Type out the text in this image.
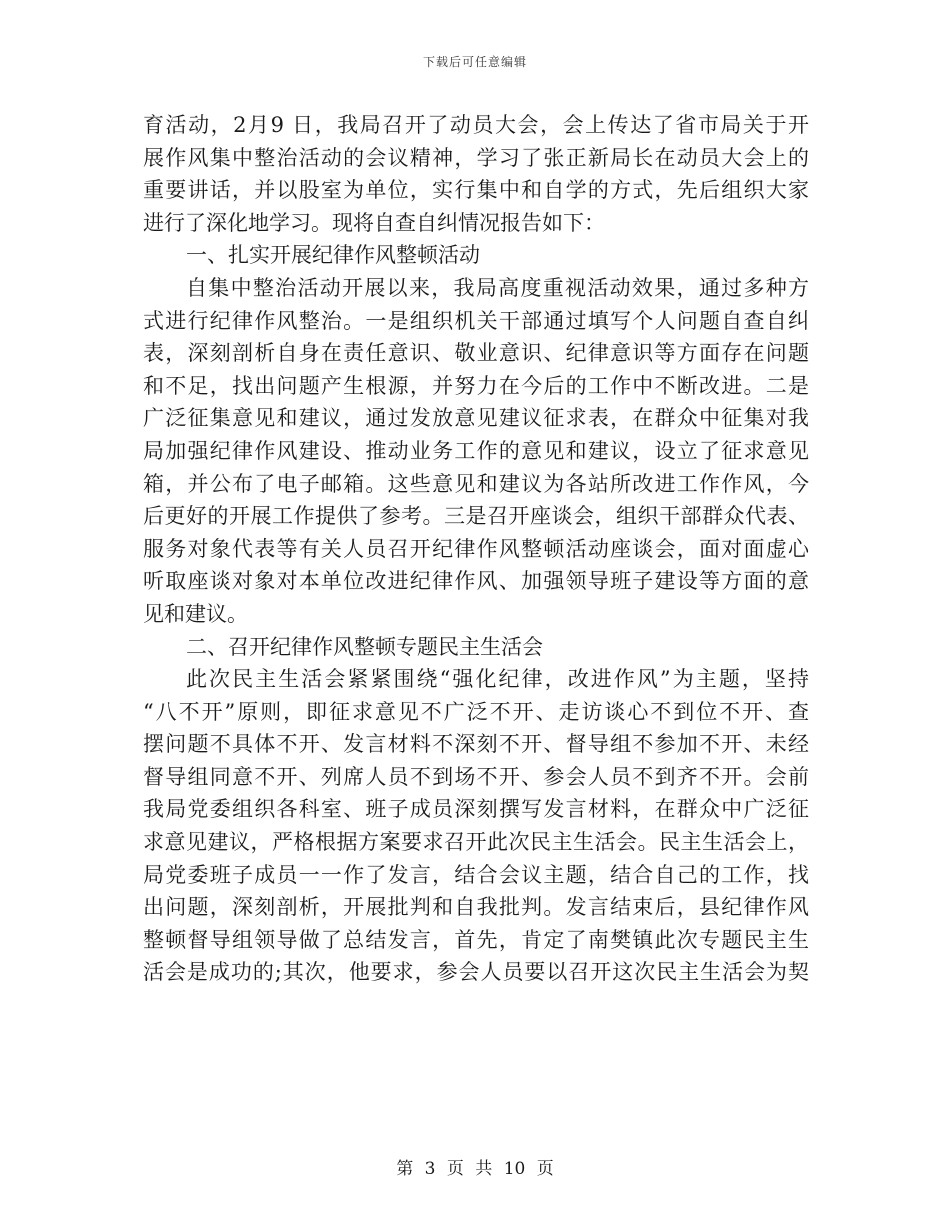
下载后可任意编辑
育活动，2月9 日，我局召开了动员大会，会上传达了省市局关于开
展作风集中整治活动的会议精神，学习了张正新局长在动员大会上的
重要讲话，并以股室为单位，实行集中和自学的方式，先后组织大家
进行了深化地学习。现将自查自纠情况报告如下：
一、扎实开展纪律作风整顿活动
自集中整治活动开展以来，我局高度重视活动效果，通过多种方
式进行纪律作风整治。一是组织机关干部通过填写个人问题自查自纠
表，深刻剖析自身在责任意识、敬业意识、纪律意识等方面存在问题
和不足，找出问题产生根源，并努力在今后的工作中不断改进。二是
广泛征集意见和建议，通过发放意见建议征求表，在群众中征集对我
局加强纪律作风建设、推动业务工作的意见和建议，设立了征求意见
箱，并公布了电子邮箱。这些意见和建议为各站所改进工作作风，今
后更好的开展工作提供了参考。三是召开座谈会，组织干部群众代表、
服务对象代表等有关人员召开纪律作风整顿活动座谈会，面对面虚心
听取座谈对象对本单位改进纪律作风、加强领导班子建设等方面的意
见和建议。
二、召开纪律作风整顿专题民主生活会
此次民主生活会紧紧围绕“强化纪律，改进作风”为主题，坚持
“八不开”原则，即征求意见不广泛不开、走访谈心不到位不开、查
摆问题不具体不开、发言材料不深刻不开、督导组不参加不开、未经
督导组同意不开、列席人员不到场不开、参会人员不到齐不开。会前
我局党委组织各科室、班子成员深刻撰写发言材料，在群众中广泛征
求意见建议，严格根据方案要求召开此次民主生活会。民主生活会上，
局党委班子成员一一作了发言，结合会议主题，结合自己的工作，找
出问题，深刻剖析，开展批判和自我批判。发言结束后，县纪律作风
整顿督导组领导做了总结发言，首先，肯定了南樊镇此次专题民主生
活会是成功的;其次，他要求，参会人员要以召开这次民主生活会为契
第 3 页 共 10 页
